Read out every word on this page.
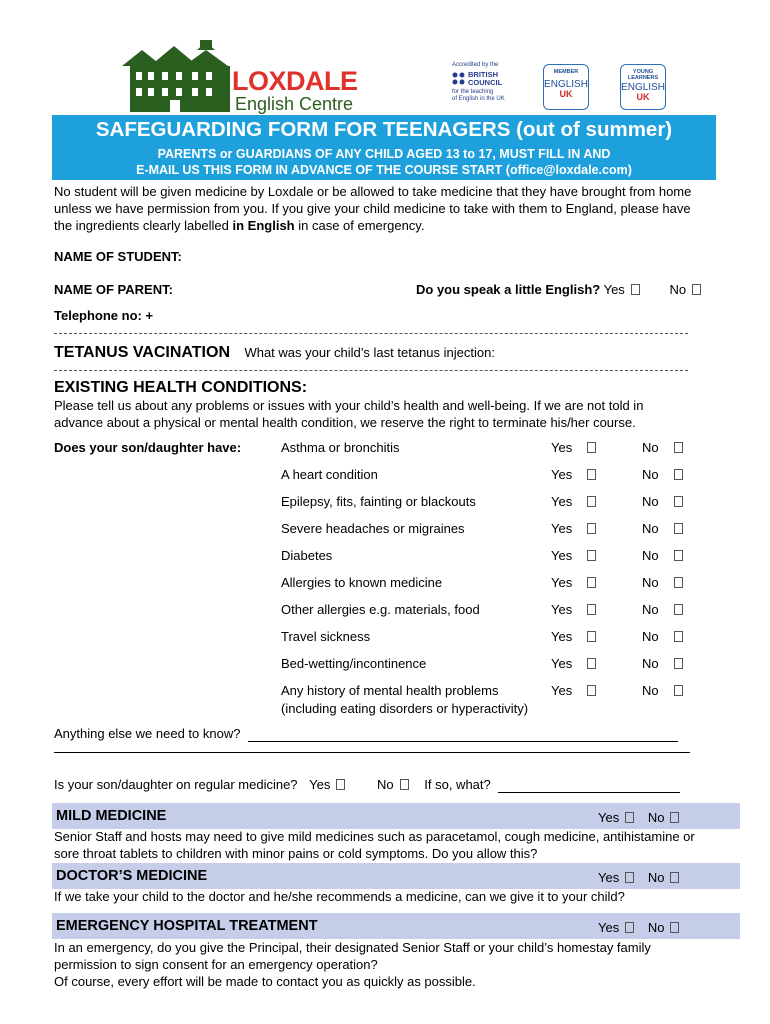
LOXDALE
English Centre
Accredited by the
BRITISH
COUNCIL
for the teaching
of English in the UK
MEMBER
ENGLISH
UK
YOUNG
LEARNERS
ENGLISH
UK
SAFEGUARDING FORM FOR TEENAGERS (out of summer)
PARENTS or GUARDIANS OF ANY CHILD AGED 13 to 17, MUST FILL IN AND
E-MAIL US THIS FORM IN ADVANCE OF THE COURSE START (office@loxdale.com)
No student will be given medicine by Loxdale or be allowed to take medicine that they have brought from home
unless we have permission from you. If you give your child medicine to take with them to England, please have
the ingredients clearly labelled in English in case of emergency.
NAME OF STUDENT:
NAME OF PARENT:	Do you speak a little English? Yes	No
Telephone no: +
TETANUS VACINATION What was your child’s last tetanus injection:
EXISTING HEALTH CONDITIONS:
Please tell us about any problems or issues with your child’s health and well-being. If we are not told in
advance about a physical or mental health condition, we reserve the right to terminate his/her course.
Does your son/daughter have:	Asthma or bronchitis	Yes	No
A heart condition	Yes	No
Epilepsy, fits, fainting or blackouts	Yes	No
Severe headaches or migraines	Yes	No
Diabetes	Yes	No
Allergies to known medicine	Yes	No
Other allergies e.g. materials, food	Yes	No
Travel sickness	Yes	No
Bed-wetting/incontinence	Yes	No
Any history of mental health problems	Yes	No
(including eating disorders or hyperactivity)
Anything else we need to know?
Is your son/daughter on regular medicine? Yes	No If so, what?
MILD MEDICINE	Yes No
Senior Staff and hosts may need to give mild medicines such as paracetamol, cough medicine, antihistamine or
sore throat tablets to children with minor pains or cold symptoms. Do you allow this?
DOCTOR’S MEDICINE	Yes No
If we take your child to the doctor and he/she recommends a medicine, can we give it to your child?
EMERGENCY HOSPITAL TREATMENT	Yes No
In an emergency, do you give the Principal, their designated Senior Staff or your child’s homestay family
permission to sign consent for an emergency operation?
Of course, every effort will be made to contact you as quickly as possible.
